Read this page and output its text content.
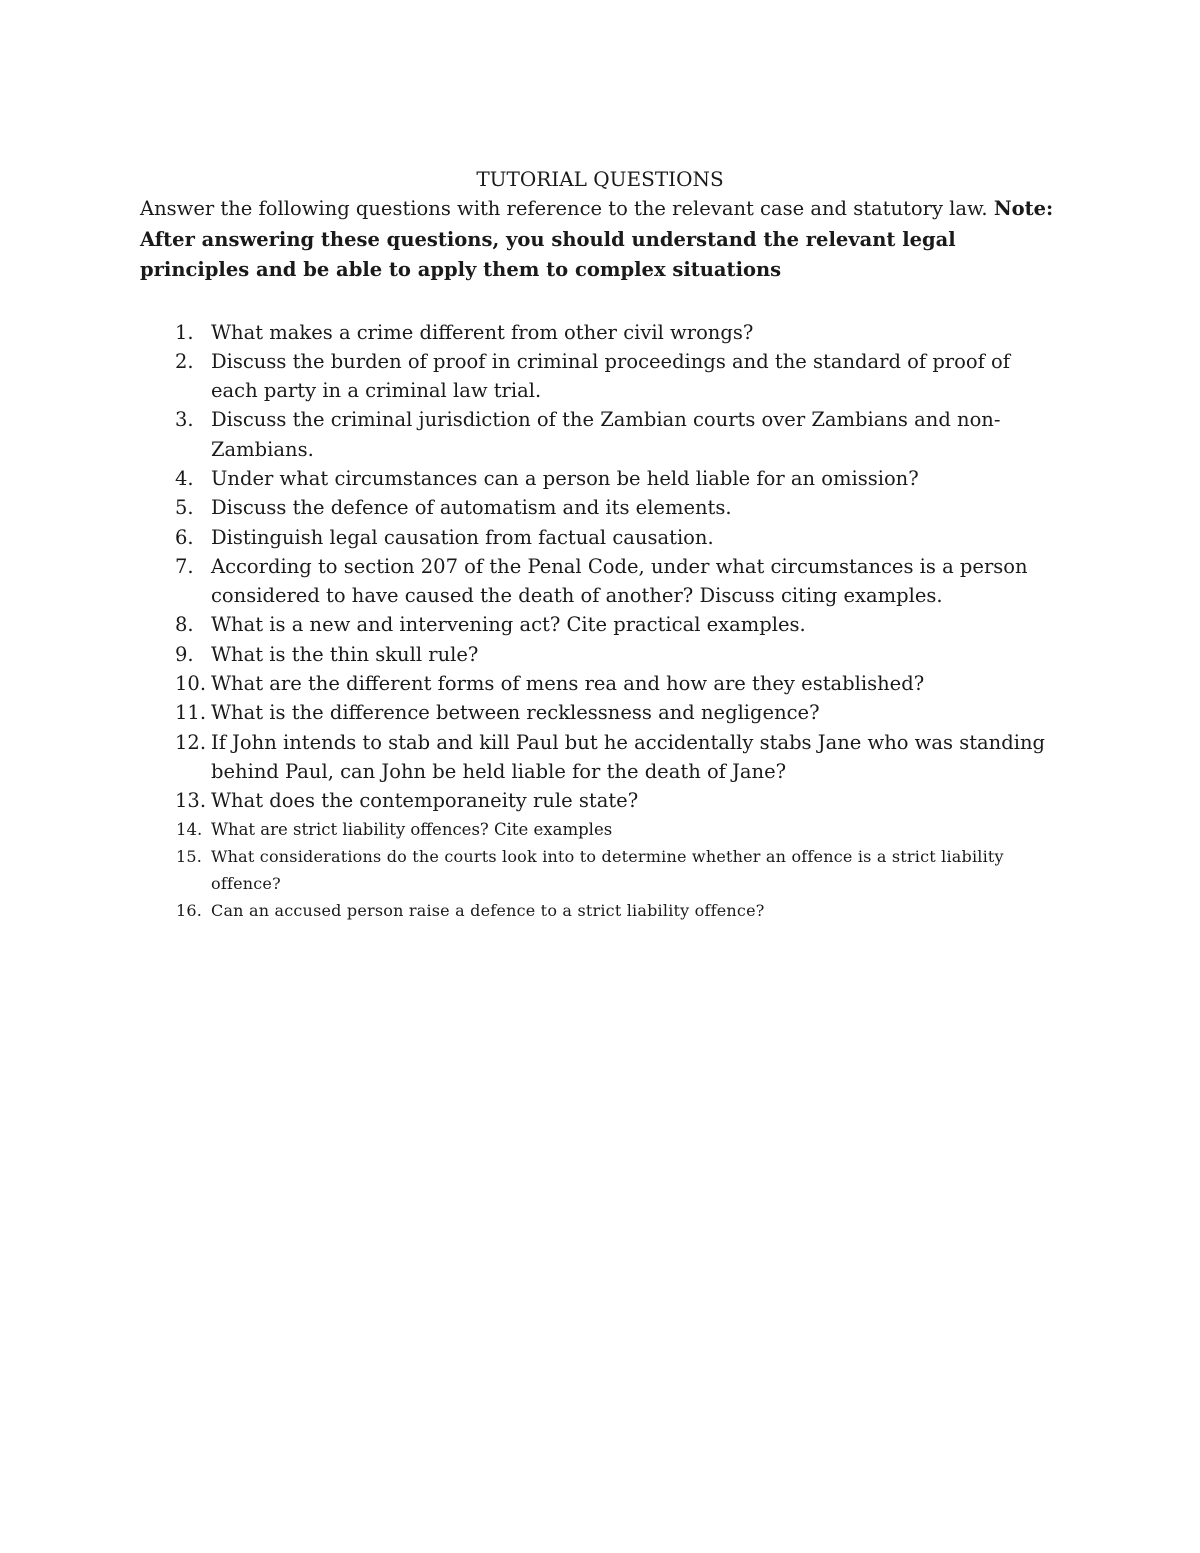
TUTORIAL QUESTIONS

Answer the following questions with reference to the relevant case and statutory law. Note: After answering these questions, you should understand the relevant legal principles and be able to apply them to complex situations

1. What makes a crime different from other civil wrongs?
2. Discuss the burden of proof in criminal proceedings and the standard of proof of each party in a criminal law trial.
3. Discuss the criminal jurisdiction of the Zambian courts over Zambians and non-Zambians.
4. Under what circumstances can a person be held liable for an omission?
5. Discuss the defence of automatism and its elements.
6. Distinguish legal causation from factual causation.
7. According to section 207 of the Penal Code, under what circumstances is a person considered to have caused the death of another? Discuss citing examples.
8. What is a new and intervening act? Cite practical examples.
9. What is the thin skull rule?
10. What are the different forms of mens rea and how are they established?
11. What is the difference between recklessness and negligence?
12. If John intends to stab and kill Paul but he accidentally stabs Jane who was standing behind Paul, can John be held liable for the death of Jane?
13. What does the contemporaneity rule state?
14. What are strict liability offences? Cite examples
15. What considerations do the courts look into to determine whether an offence is a strict liability offence?
16. Can an accused person raise a defence to a strict liability offence?
